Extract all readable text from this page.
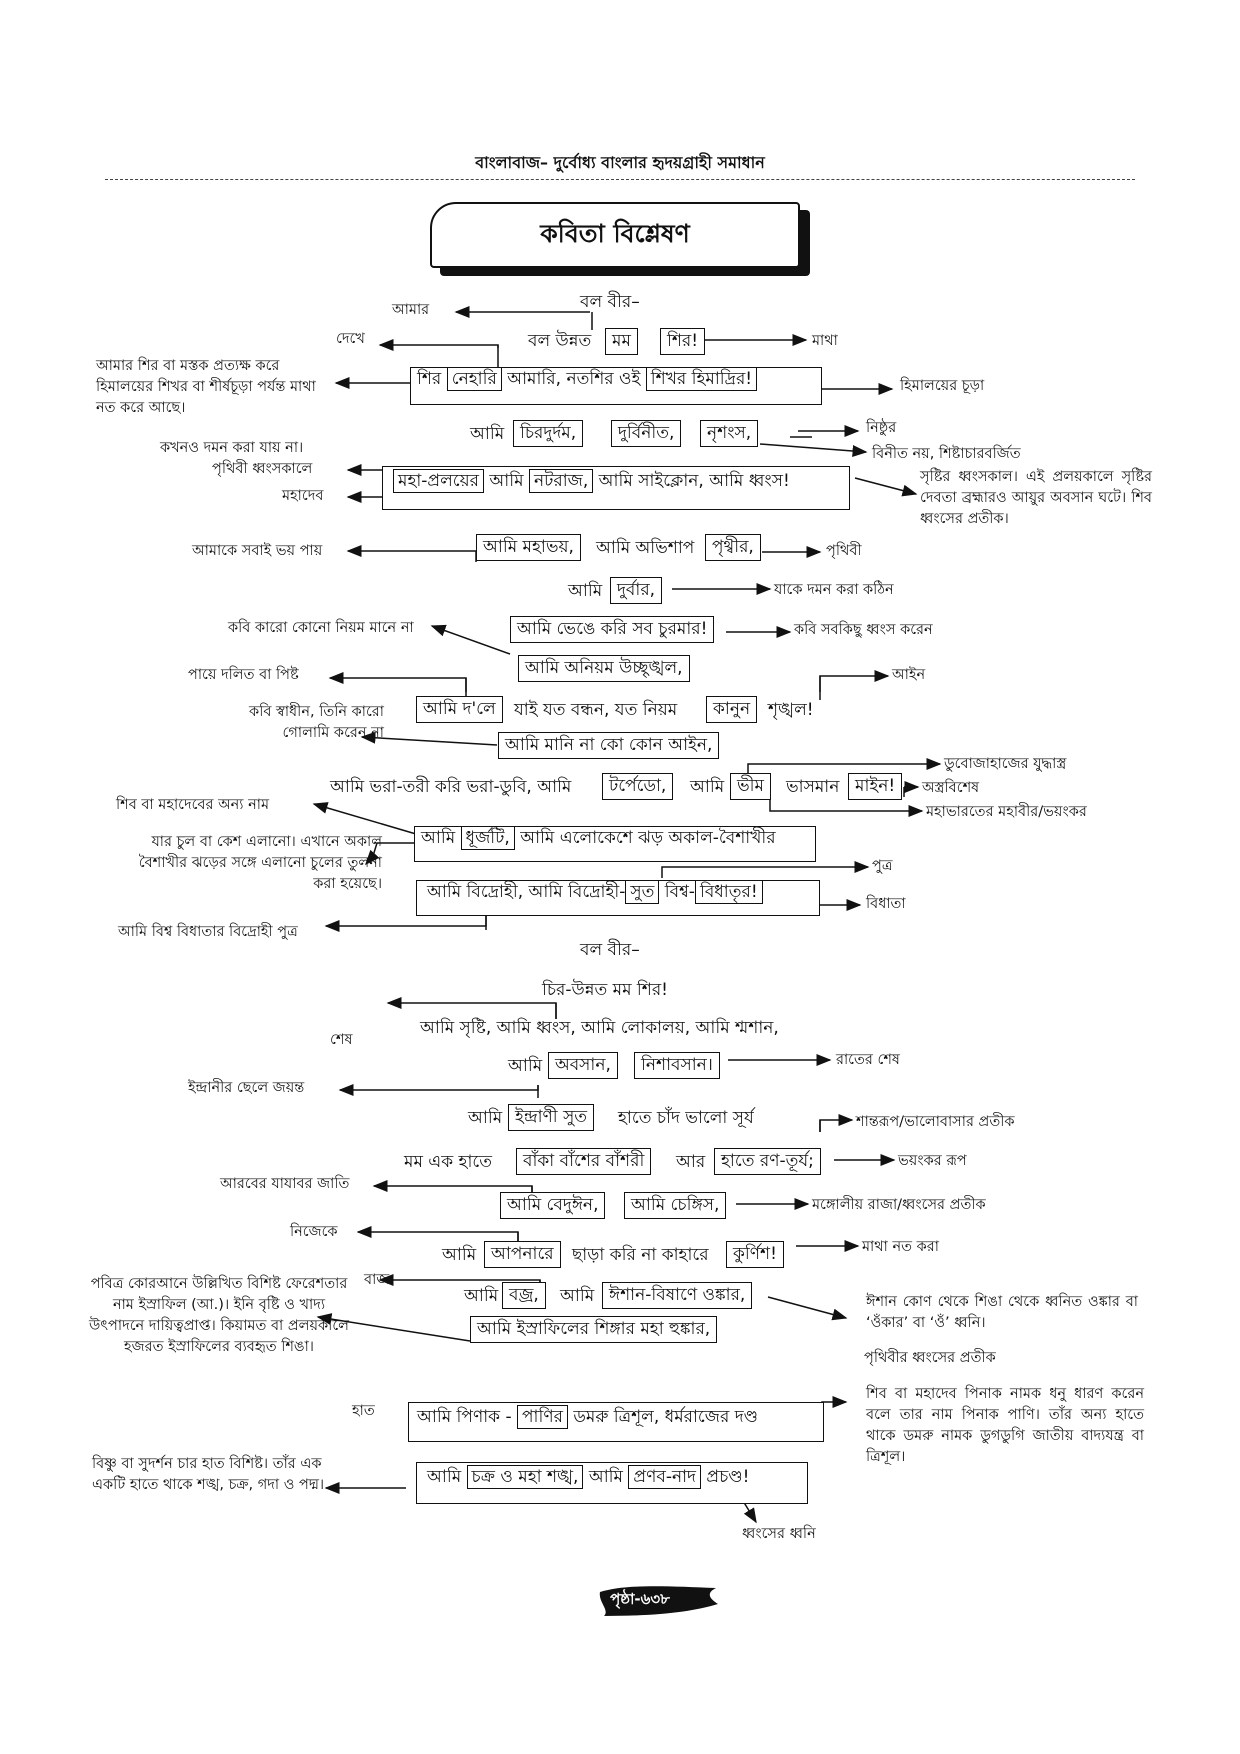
বাংলাবাজ– দুর্বোধ্য বাংলার হৃদয়গ্রাহী সমাধান
কবিতা বিশ্লেষণ
বল বীর–
আমার
বল উন্নত	মম	শির!
দেখে	মাথা
শির নেহারি আমারি, নতশির ওই শিখর হিমাদ্রির!
আমার শির বা মস্তক প্রত্যক্ষ করে হিমালয়ের শিখর বা শীর্ষচূড়া পর্যন্ত মাথা নত করে আছে।
হিমালয়ের চূড়া
আমি চিরদুর্দম,	দুর্বিনীত,	নৃশংস,	নিষ্ঠুর
বিনীত নয়, শিষ্টাচারবর্জিত
কখনও দমন করা যায় না।
মহা-প্রলয়ের আমি নটরাজ, আমি সাইক্লোন, আমি ধ্বংস!
পৃথিবী ধ্বংসকালে
মহাদেব
সৃষ্টির ধ্বংসকাল। এই প্রলয়কালে সৃষ্টির দেবতা ব্রহ্মারও আয়ুর অবসান ঘটে। শিব ধ্বংসের প্রতীক।
আমি মহাভয়,	আমি অভিশাপ	পৃথ্বীর,
আমাকে সবাই ভয় পায়	পৃথিবী
আমি দুর্বার,	যাকে দমন করা কঠিন
আমি ভেঙে করি সব চুরমার!
কবি কারো কোনো নিয়ম মানে না	কবি সবকিছু ধ্বংস করেন
আমি অনিয়ম উচ্ছৃঙ্খল,
পায়ে দলিত বা পিষ্ট	আইন
আমি দ'লে	যাই যত বন্ধন, যত নিয়ম	কানুন	শৃঙ্খল!
কবি স্বাধীন, তিনি কারো গোলামি করেন না
আমি মানি না কো কোন আইন,
আমি ভরা-তরী করি ভরা-ডুবি, আমি	টর্পেডো,	আমি ভীম	ভাসমান মাইন!
ডুবোজাহাজের যুদ্ধাস্ত্র
অস্ত্রবিশেষ
মহাভারতের মহাবীর/ভয়ংকর
শিব বা মহাদেবের অন্য নাম
আমি ধূর্জটি, আমি এলোকেশে ঝড় অকাল-বৈশাখীর
যার চুল বা কেশ এলানো। এখানে অকাল বৈশাখীর ঝড়ের সঙ্গে এলানো চুলের তুলনা করা হয়েছে।	আমি বিদ্রোহী, আমি বিদ্রোহী- সুত বিশ্ব- বিধাতৃর!
পুত্র
বিধাতা
আমি বিশ্ব বিধাতার বিদ্রোহী পুত্র
বল বীর–
চির-উন্নত মম শির!
আমি সৃষ্টি, আমি ধ্বংস, আমি লোকালয়, আমি শ্মশান,
শেষ
আমি অবসান,	নিশাবসান।	রাতের শেষ
ইন্দ্রানীর ছেলে জয়ন্ত
আমি ইন্দ্রাণী সুত	হাতে চাঁদ ভালো সূর্য	শান্তরূপ/ভালোবাসার প্রতীক
মম এক হাতে	বাঁকা বাঁশের বাঁশরী	আর হাতে রণ-তূর্য;	ভয়ংকর রূপ
আমি বেদুঈন,	আমি চেঙ্গিস,
আরবের যাযাবর জাতি
মঙ্গোলীয় রাজা/ধ্বংসের প্রতীক
আমি আপনারে	ছাড়া করি না কাহারে	কুর্ণিশ!
নিজেকে
মাথা নত করা
আমি বজ্র,	আমি ঈশান-বিষাণে ওঙ্কার,
বাজ
ঈশান কোণ থেকে শিঙা থেকে ধ্বনিত ওঙ্কার বা ‘ওঁকার’ বা ‘ওঁ’ ধ্বনি।
পৃথিবীর ধ্বংসের প্রতীক
আমি ইস্রাফিলের শিঙ্গার মহা হুঙ্কার,
পবিত্র কোরআনে উল্লিখিত বিশিষ্ট ফেরেশতার নাম ইস্রাফিল (আ.)। ইনি বৃষ্টি ও খাদ্য উৎপাদনে দায়িত্বপ্রাপ্ত। কিয়ামত বা প্রলয়কালে হজরত ইস্রাফিলের ব্যবহৃত শিঙা।
আমি পিণাক - পাণির ডমরু ত্রিশূল, ধর্মরাজের দণ্ড
হাত
শিব বা মহাদেব পিনাক নামক ধনু ধারণ করেন বলে তার নাম পিনাক পাণি। তাঁর অন্য হাতে থাকে ডমরু নামক ডুগডুগি জাতীয় বাদ্যযন্ত্র বা ত্রিশূল।
আমি চক্র ও মহা শঙ্খ, আমি প্রণব-নাদ প্রচণ্ড!
বিষ্ণু বা সুদর্শন চার হাত বিশিষ্ট। তাঁর এক একটি হাতে থাকে শঙ্খ, চক্র, গদা ও পদ্ম।
ধ্বংসের ধ্বনি
পৃষ্ঠা-৬৩৮
